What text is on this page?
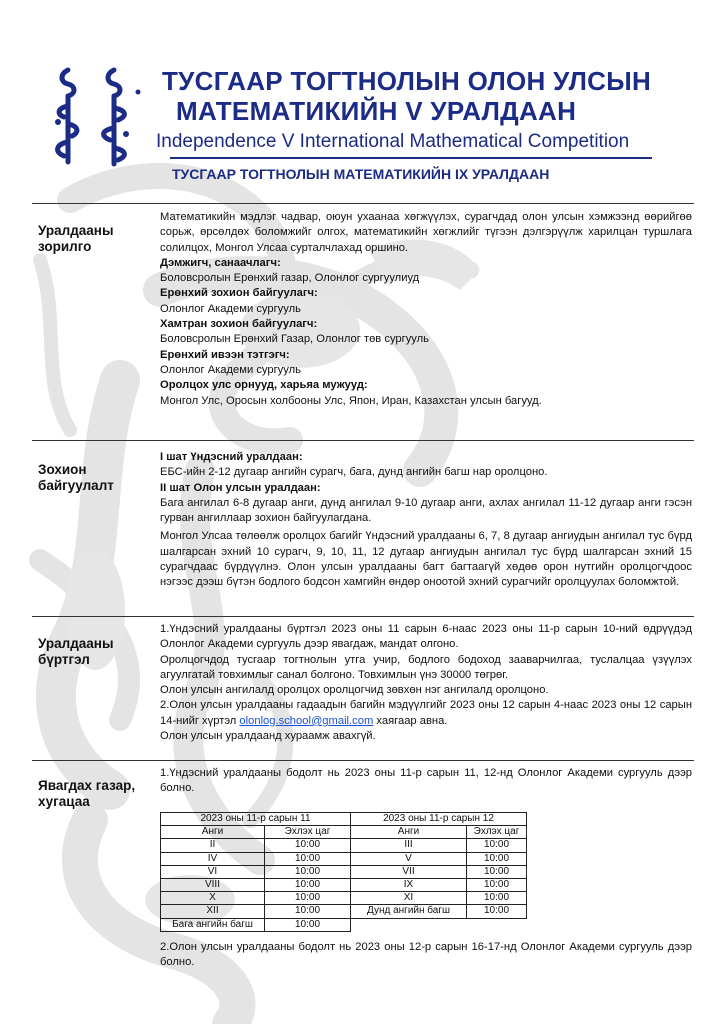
ТУСГААР ТОГТНОЛЫН ОЛОН УЛСЫН
МАТЕМАТИКИЙН V УРАЛДААН
Independence V International Mathematical Competition
ТУСГААР ТОГТНОЛЫН МАТЕМАТИКИЙН IX УРАЛДААН
Уралдааны
зорилго

Математикийн мэдлэг чадвар, оюун ухаанаа хөгжүүлэх, сурагчдад олон улсын хэмжээнд өөрийгөө сорьж, өрсөлдөх боломжийг олгох, математикийн хөгжлийг түгээн дэлгэрүүлж харилцан туршлага солилцох, Монгол Улсаа сурталчлахад оршино.

Дэмжигч, санаачлагч:

Боловсролын Ерөнхий газар, Олонлог сургуулиуд

Ерөнхий зохион байгуулагч:

Олонлог Академи сургууль

Хамтран зохион байгуулагч:

Боловсролын Ерөнхий Газар, Олонлог төв сургууль

Ерөнхий ивээн тэтгэгч:

Олонлог Академи сургууль

Оролцох улс орнууд, харьяа мужууд:

Монгол Улс, Оросын холбооны Улс, Япон, Иран, Казахстан улсын багууд.

Зохион
байгуулалт

I шат Үндэсний уралдаан:

ЕБС-ийн 2-12 дугаар ангийн сурагч, бага, дунд ангийн багш нар оролцоно.

II шат Олон улсын уралдаан:

Бага ангилал 6-8 дугаар анги, дунд ангилал 9-10 дугаар анги, ахлах ангилал 11-12 дугаар анги гэсэн гурван ангиллаар зохион байгуулагдана.

Монгол Улсаа төлөөлж оролцох багийг Үндэсний уралдааны 6, 7, 8 дугаар ангиудын ангилал тус бүрд шалгарсан эхний 10 сурагч, 9, 10, 11, 12 дугаар ангиудын ангилал тус бүрд шалгарсан эхний 15 сурагчдаас бүрдүүлнэ. Олон улсын уралдааны багт багтаагүй хөдөө орон нутгийн оролцогчдоос нэгээс дээш бүтэн бодлого бодсон хамгийн өндөр оноотой эхний сурагчийг оролцуулах боломжтой.

Уралдааны
бүртгэл

1.Үндэсний уралдааны бүртгэл 2023 оны 11 сарын 6-наас 2023 оны 11-р сарын 10-ний өдрүүдэд Олонлог Академи сургууль дээр явагдаж, мандат олгоно.

Оролцогчдод тусгаар тогтнолын утга учир, бодлого бодоход зааварчилгаа, туслалцаа үзүүлэх агуулгатай товхимлыг санал болгоно. Товхимлын үнэ 30000 төгрөг.

Олон улсын ангилалд оролцох оролцогчид зөвхөн нэг ангилалд оролцоно.

2.Олон улсын уралдааны гадаадын багийн мэдүүлгийг 2023 оны 12 сарын 4-наас 2023 оны 12 сарын 14-нийг хүртэл olonlog.school@gmail.com хаягаар авна.

Олон улсын уралдаанд хураамж авахгүй.

Явагдах газар,
хугацаа

1.Үндэсний уралдааны бодолт нь 2023 оны 11-р сарын 11, 12-нд Олонлог Академи сургууль дээр болно.

2023 оны 11-р сарын 11		2023 оны 11-р сарын 12	
Анги	Эхлэх цаг	Анги	Эхлэх цаг
II	10:00	III	10:00
IV	10:00	V	10:00
VI	10:00	VII	10:00
VIII	10:00	IX	10:00
X	10:00	XI	10:00
XII	10:00	Дунд ангийн багш	10:00
Бага ангийн багш	10:00		

2.Олон улсын уралдааны бодолт нь 2023 оны 12-р сарын 16-17-нд Олонлог Академи сургууль дээр болно.
